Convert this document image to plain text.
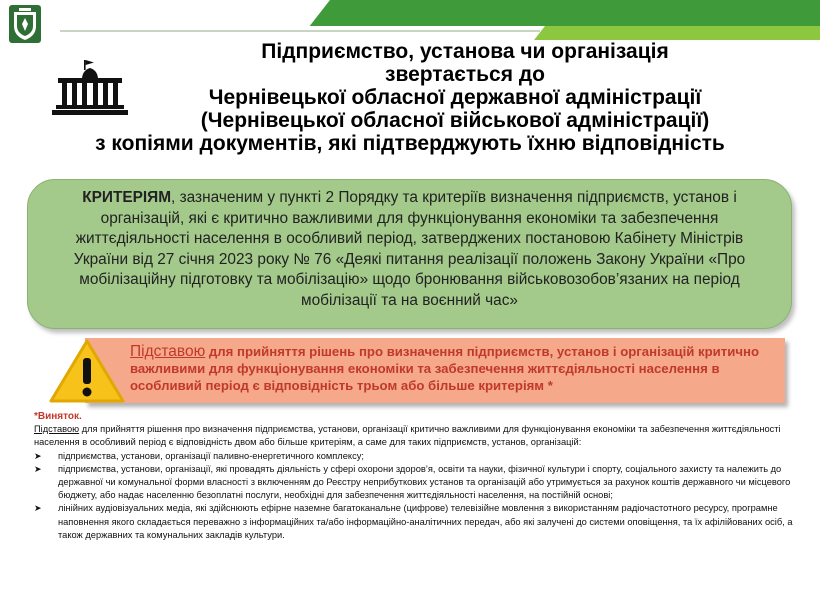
Підприємство, установа чи організація
звертається до
Чернівецької обласної державної адміністрації
(Чернівецької обласної військової адміністрації)
з копіями документів, які підтверджують їхню відповідність
КРИТЕРІЯМ, зазначеним у пункті 2 Порядку та критеріїв визначення підприємств, установ і організацій, які є критично важливими для функціонування економіки та забезпечення життєдіяльності населення в особливий період, затверджених постановою Кабінету Міністрів України від 27 січня 2023 року № 76 «Деякі питання реалізації положень Закону України «Про мобілізаційну підготовку та мобілізацію» щодо бронювання військовозобов’язаних на період мобілізації та на воєнний час»
Підставою для прийняття рішень про визначення підприємств, установ і організацій критично важливими для функціонування економіки та забезпечення життєдіяльності населення в особливий період є відповідність трьом або більше критеріям *
*Виняток.
Підставою для прийняття рішення про визначення підприємства, установи, організації критично важливими для функціонування економіки та забезпечення життєдіяльності населення в особливий період є відповідність двом або більше критеріям, а саме для таких підприємств, установ, організацій:
➤ підприємства, установи, організації паливно-енергетичного комплексу;
➤ підприємства, установи, організації, які провадять діяльність у сфері охорони здоров’я, освіти та науки, фізичної культури і спорту, соціального захисту та належить до державної чи комунальної форми власності з включенням до Реєстру неприбуткових установ та організацій або утримується за рахунок коштів державного чи місцевого бюджету, або надає населенню безоплатні послуги, необхідні для забезпечення життєдіяльності населення, на постійній основі;
➤ лінійних аудіовізуальних медіа, які здійснюють ефірне наземне багатоканальне (цифрове) телевізійне мовлення з використанням радіочастотного ресурсу, програмне наповнення якого складається переважно з інформаційних та/або інформаційно-аналітичних передач, або які залучені до системи оповіщення, та їх афілійованих осіб, а також державних та комунальних закладів культури.
